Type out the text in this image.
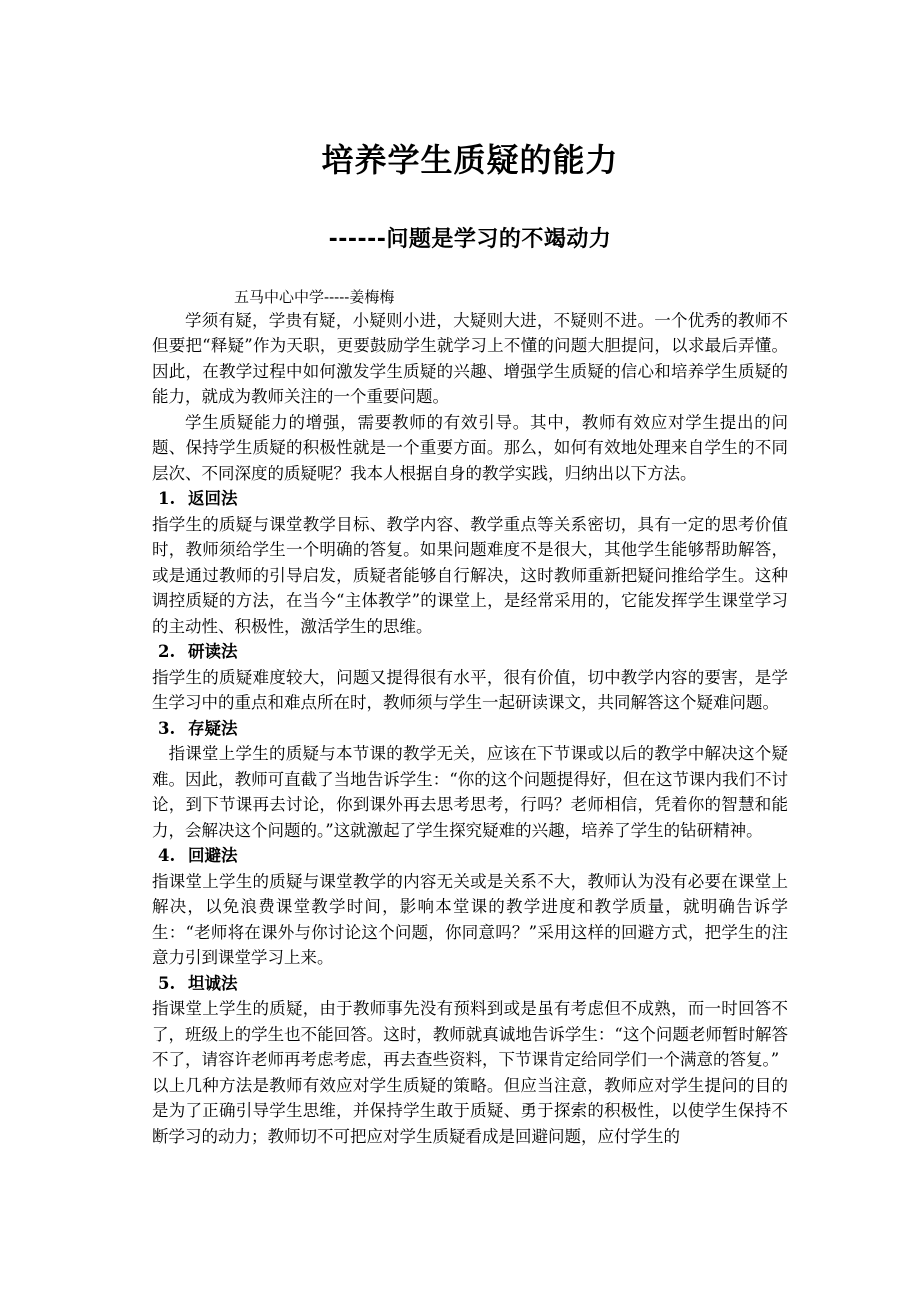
培养学生质疑的能力
------问题是学习的不竭动力

五马中心中学-----姜梅梅

学须有疑，学贵有疑，小疑则小进，大疑则大进，不疑则不进。一个优秀的教师不但要把“释疑”作为天职，更要鼓励学生就学习上不懂的问题大胆提问，以求最后弄懂。因此，在教学过程中如何激发学生质疑的兴趣、增强学生质疑的信心和培养学生质疑的能力，就成为教师关注的一个重要问题。

学生质疑能力的增强，需要教师的有效引导。其中，教师有效应对学生提出的问题、保持学生质疑的积极性就是一个重要方面。那么，如何有效地处理来自学生的不同层次、不同深度的质疑呢？我本人根据自身的教学实践，归纳出以下方法。

1. 返回法

指学生的质疑与课堂教学目标、教学内容、教学重点等关系密切，具有一定的思考价值时，教师须给学生一个明确的答复。如果问题难度不是很大，其他学生能够帮助解答，或是通过教师的引导启发，质疑者能够自行解决，这时教师重新把疑问推给学生。这种调控质疑的方法，在当今“主体教学”的课堂上，是经常采用的，它能发挥学生课堂学习的主动性、积极性，激活学生的思维。

2. 研读法

指学生的质疑难度较大，问题又提得很有水平，很有价值，切中教学内容的要害，是学生学习中的重点和难点所在时，教师须与学生一起研读课文，共同解答这个疑难问题。

3. 存疑法

指课堂上学生的质疑与本节课的教学无关，应该在下节课或以后的教学中解决这个疑难。因此，教师可直截了当地告诉学生：“你的这个问题提得好，但在这节课内我们不讨论，到下节课再去讨论，你到课外再去思考思考，行吗？老师相信，凭着你的智慧和能力，会解决这个问题的。”这就激起了学生探究疑难的兴趣，培养了学生的钻研精神。

4. 回避法

指课堂上学生的质疑与课堂教学的内容无关或是关系不大，教师认为没有必要在课堂上解决，以免浪费课堂教学时间，影响本堂课的教学进度和教学质量，就明确告诉学生：“老师将在课外与你讨论这个问题，你同意吗？”采用这样的回避方式，把学生的注意力引到课堂学习上来。

5. 坦诚法

指课堂上学生的质疑，由于教师事先没有预料到或是虽有考虑但不成熟，而一时回答不了，班级上的学生也不能回答。这时，教师就真诚地告诉学生：“这个问题老师暂时解答不了，请容许老师再考虑考虑，再去查些资料，下节课肯定给同学们一个满意的答复。”

以上几种方法是教师有效应对学生质疑的策略。但应当注意，教师应对学生提问的目的是为了正确引导学生思维，并保持学生敢于质疑、勇于探索的积极性，以使学生保持不断学习的动力；教师切不可把应对学生质疑看成是回避问题，应付学生的
